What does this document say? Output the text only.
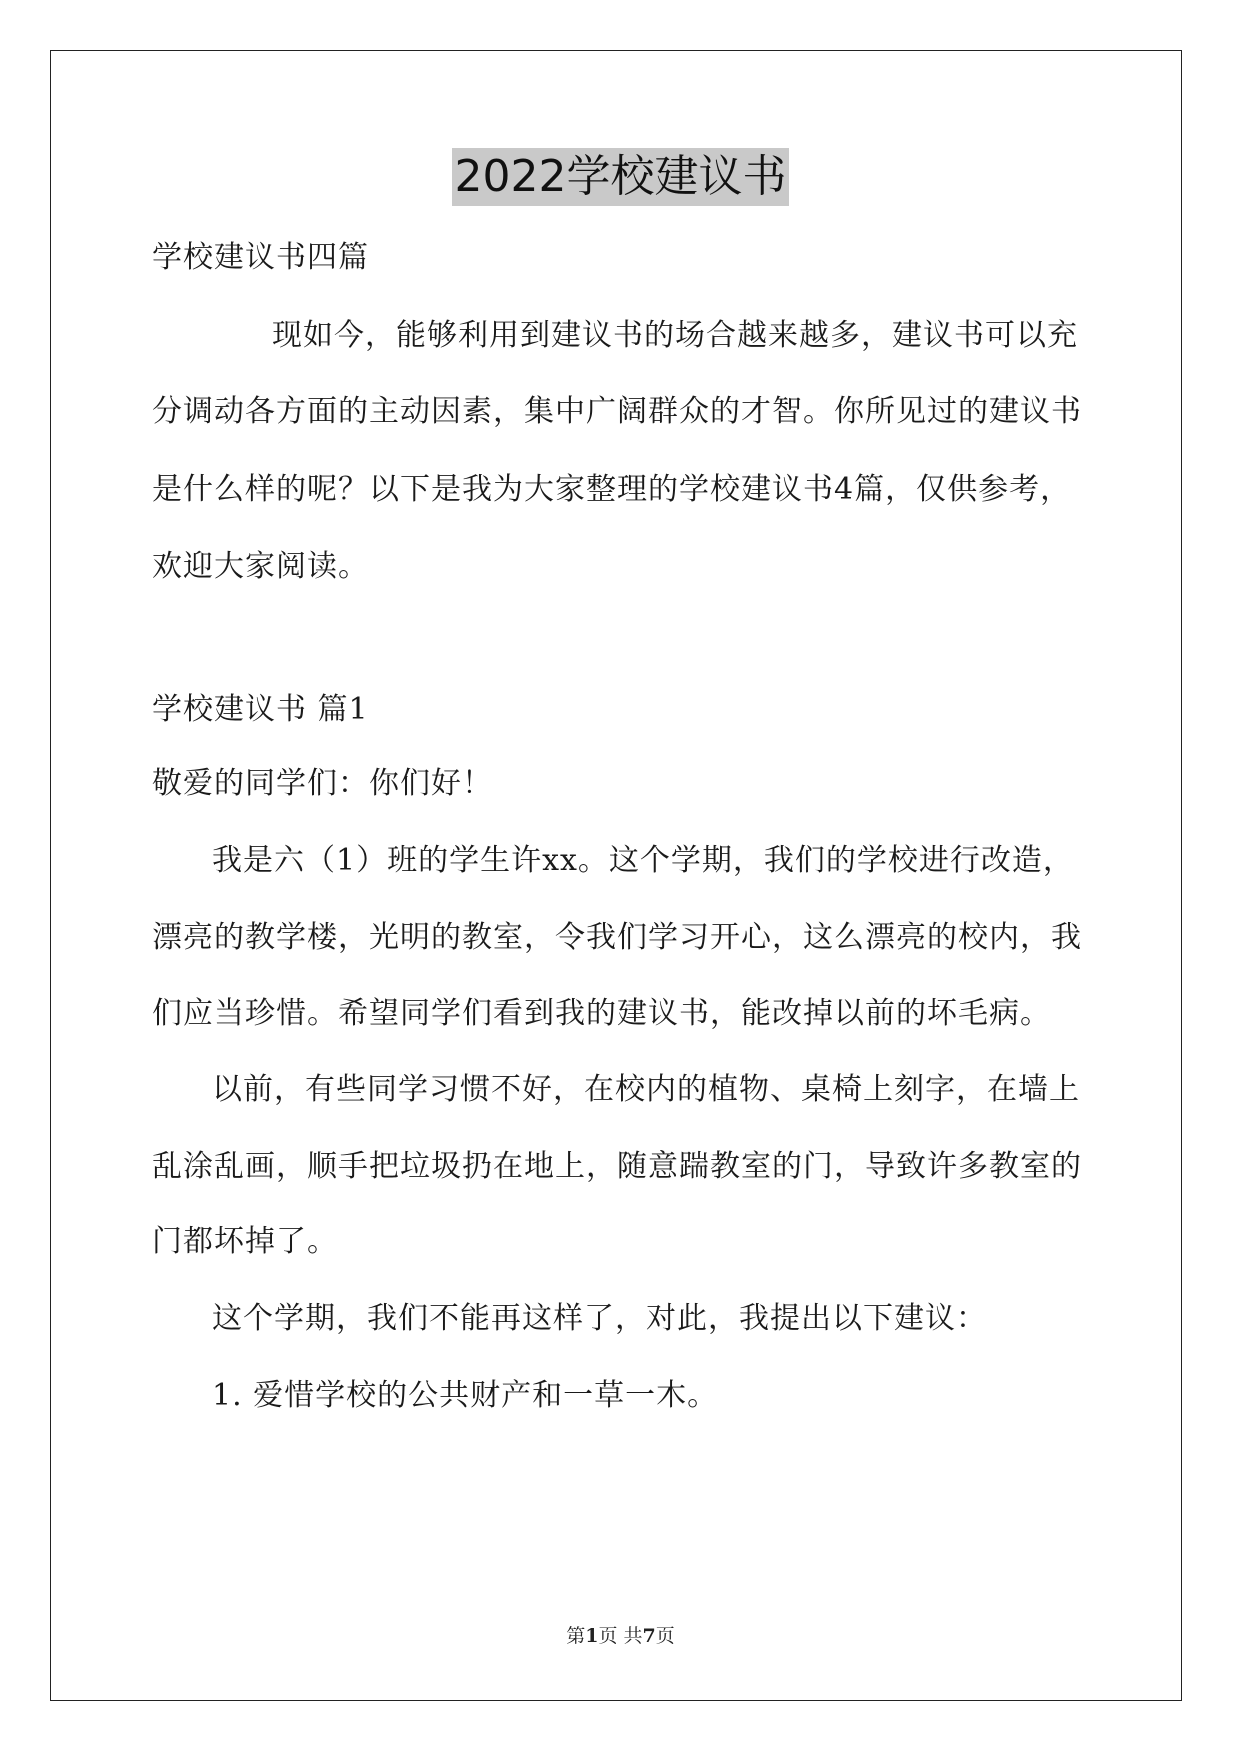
2022学校建议书
学校建议书四篇
现如今，能够利用到建议书的场合越来越多，建议书可以充
分调动各方面的主动因素，集中广阔群众的才智。你所见过的建议书
是什么样的呢？以下是我为大家整理的学校建议书4篇，仅供参考，
欢迎大家阅读。
学校建议书 篇1
敬爱的同学们：你们好！
我是六（1）班的学生许xx。这个学期，我们的学校进行改造，
漂亮的教学楼，光明的教室，令我们学习开心，这么漂亮的校内，我
们应当珍惜。希望同学们看到我的建议书，能改掉以前的坏毛病。
以前，有些同学习惯不好，在校内的植物、桌椅上刻字，在墙上
乱涂乱画，顺手把垃圾扔在地上，随意踹教室的门，导致许多教室的
门都坏掉了。
这个学期，我们不能再这样了，对此，我提出以下建议：
1. 爱惜学校的公共财产和一草一木。
第1页 共7页
